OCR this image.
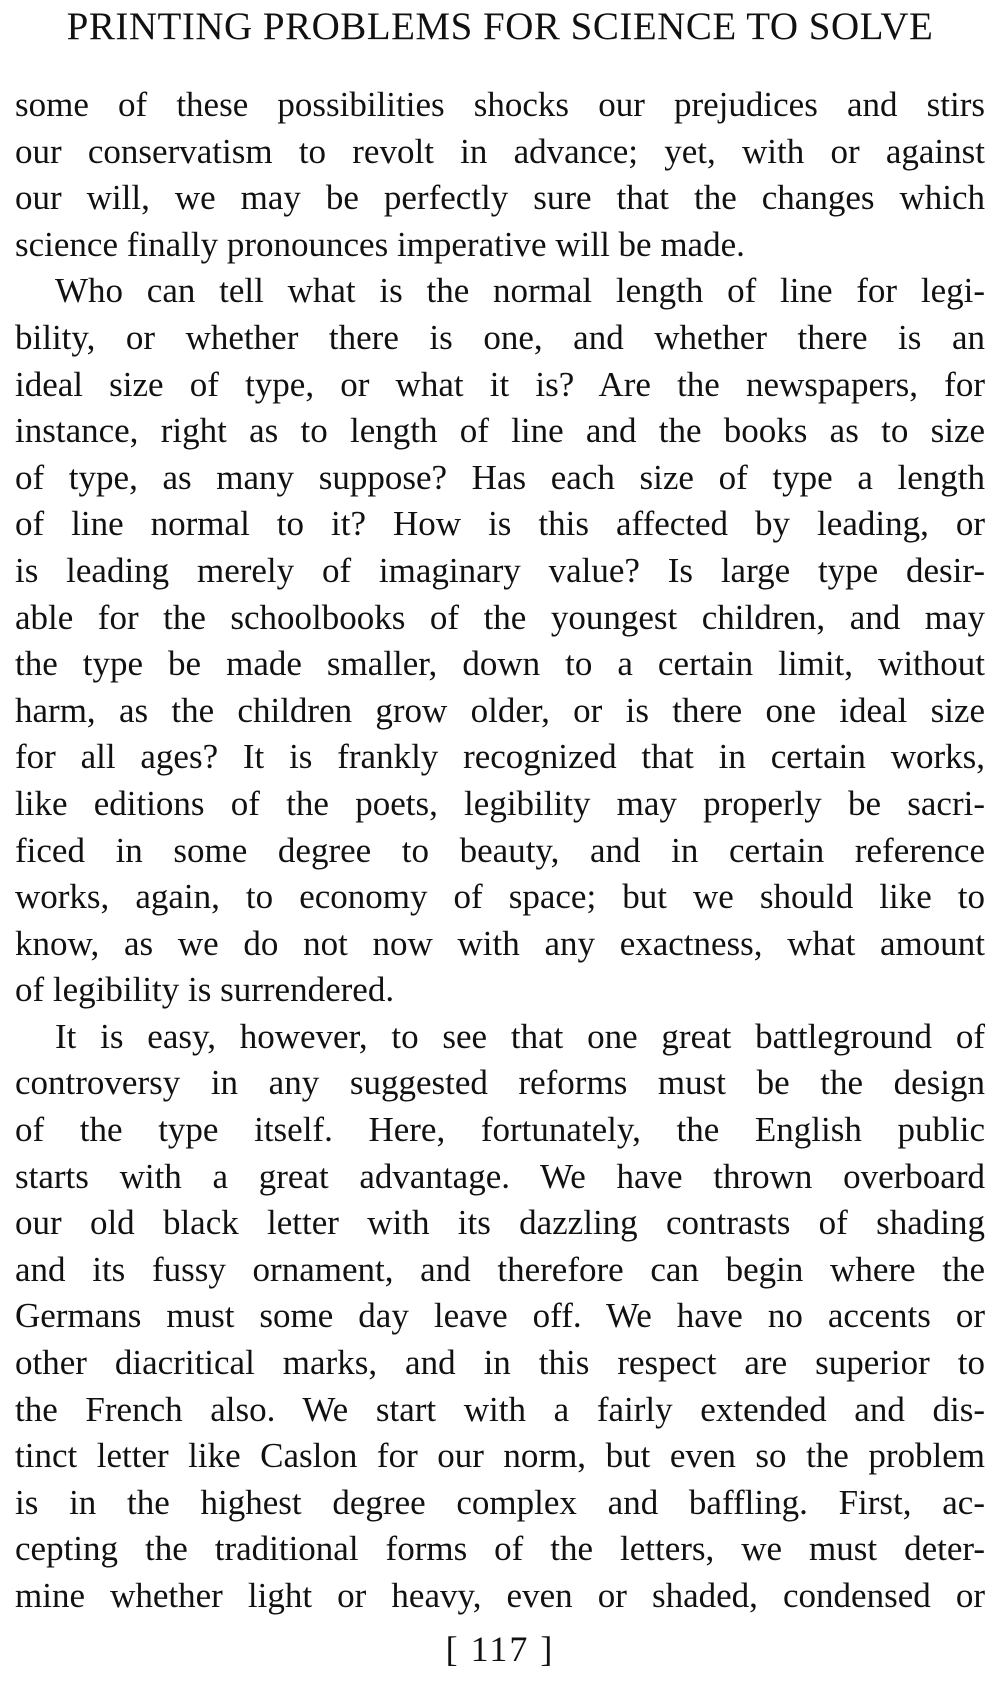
PRINTING PROBLEMS FOR SCIENCE TO SOLVE
some of these possibilities shocks our prejudices and stirs
our conservatism to revolt in advance; yet, with or against
our will, we may be perfectly sure that the changes which
science finally pronounces imperative will be made.
Who can tell what is the normal length of line for legi-
bility, or whether there is one, and whether there is an
ideal size of type, or what it is? Are the newspapers, for
instance, right as to length of line and the books as to size
of type, as many suppose? Has each size of type a length
of line normal to it? How is this affected by leading, or
is leading merely of imaginary value? Is large type desir-
able for the schoolbooks of the youngest children, and may
the type be made smaller, down to a certain limit, without
harm, as the children grow older, or is there one ideal size
for all ages? It is frankly recognized that in certain works,
like editions of the poets, legibility may properly be sacri-
ficed in some degree to beauty, and in certain reference
works, again, to economy of space; but we should like to
know, as we do not now with any exactness, what amount
of legibility is surrendered.
It is easy, however, to see that one great battleground of
controversy in any suggested reforms must be the design
of the type itself. Here, fortunately, the English public
starts with a great advantage. We have thrown overboard
our old black letter with its dazzling contrasts of shading
and its fussy ornament, and therefore can begin where the
Germans must some day leave off. We have no accents or
other diacritical marks, and in this respect are superior to
the French also. We start with a fairly extended and dis-
tinct letter like Caslon for our norm, but even so the problem
is in the highest degree complex and baffling. First, ac-
cepting the traditional forms of the letters, we must deter-
mine whether light or heavy, even or shaded, condensed or
[ 117 ]
